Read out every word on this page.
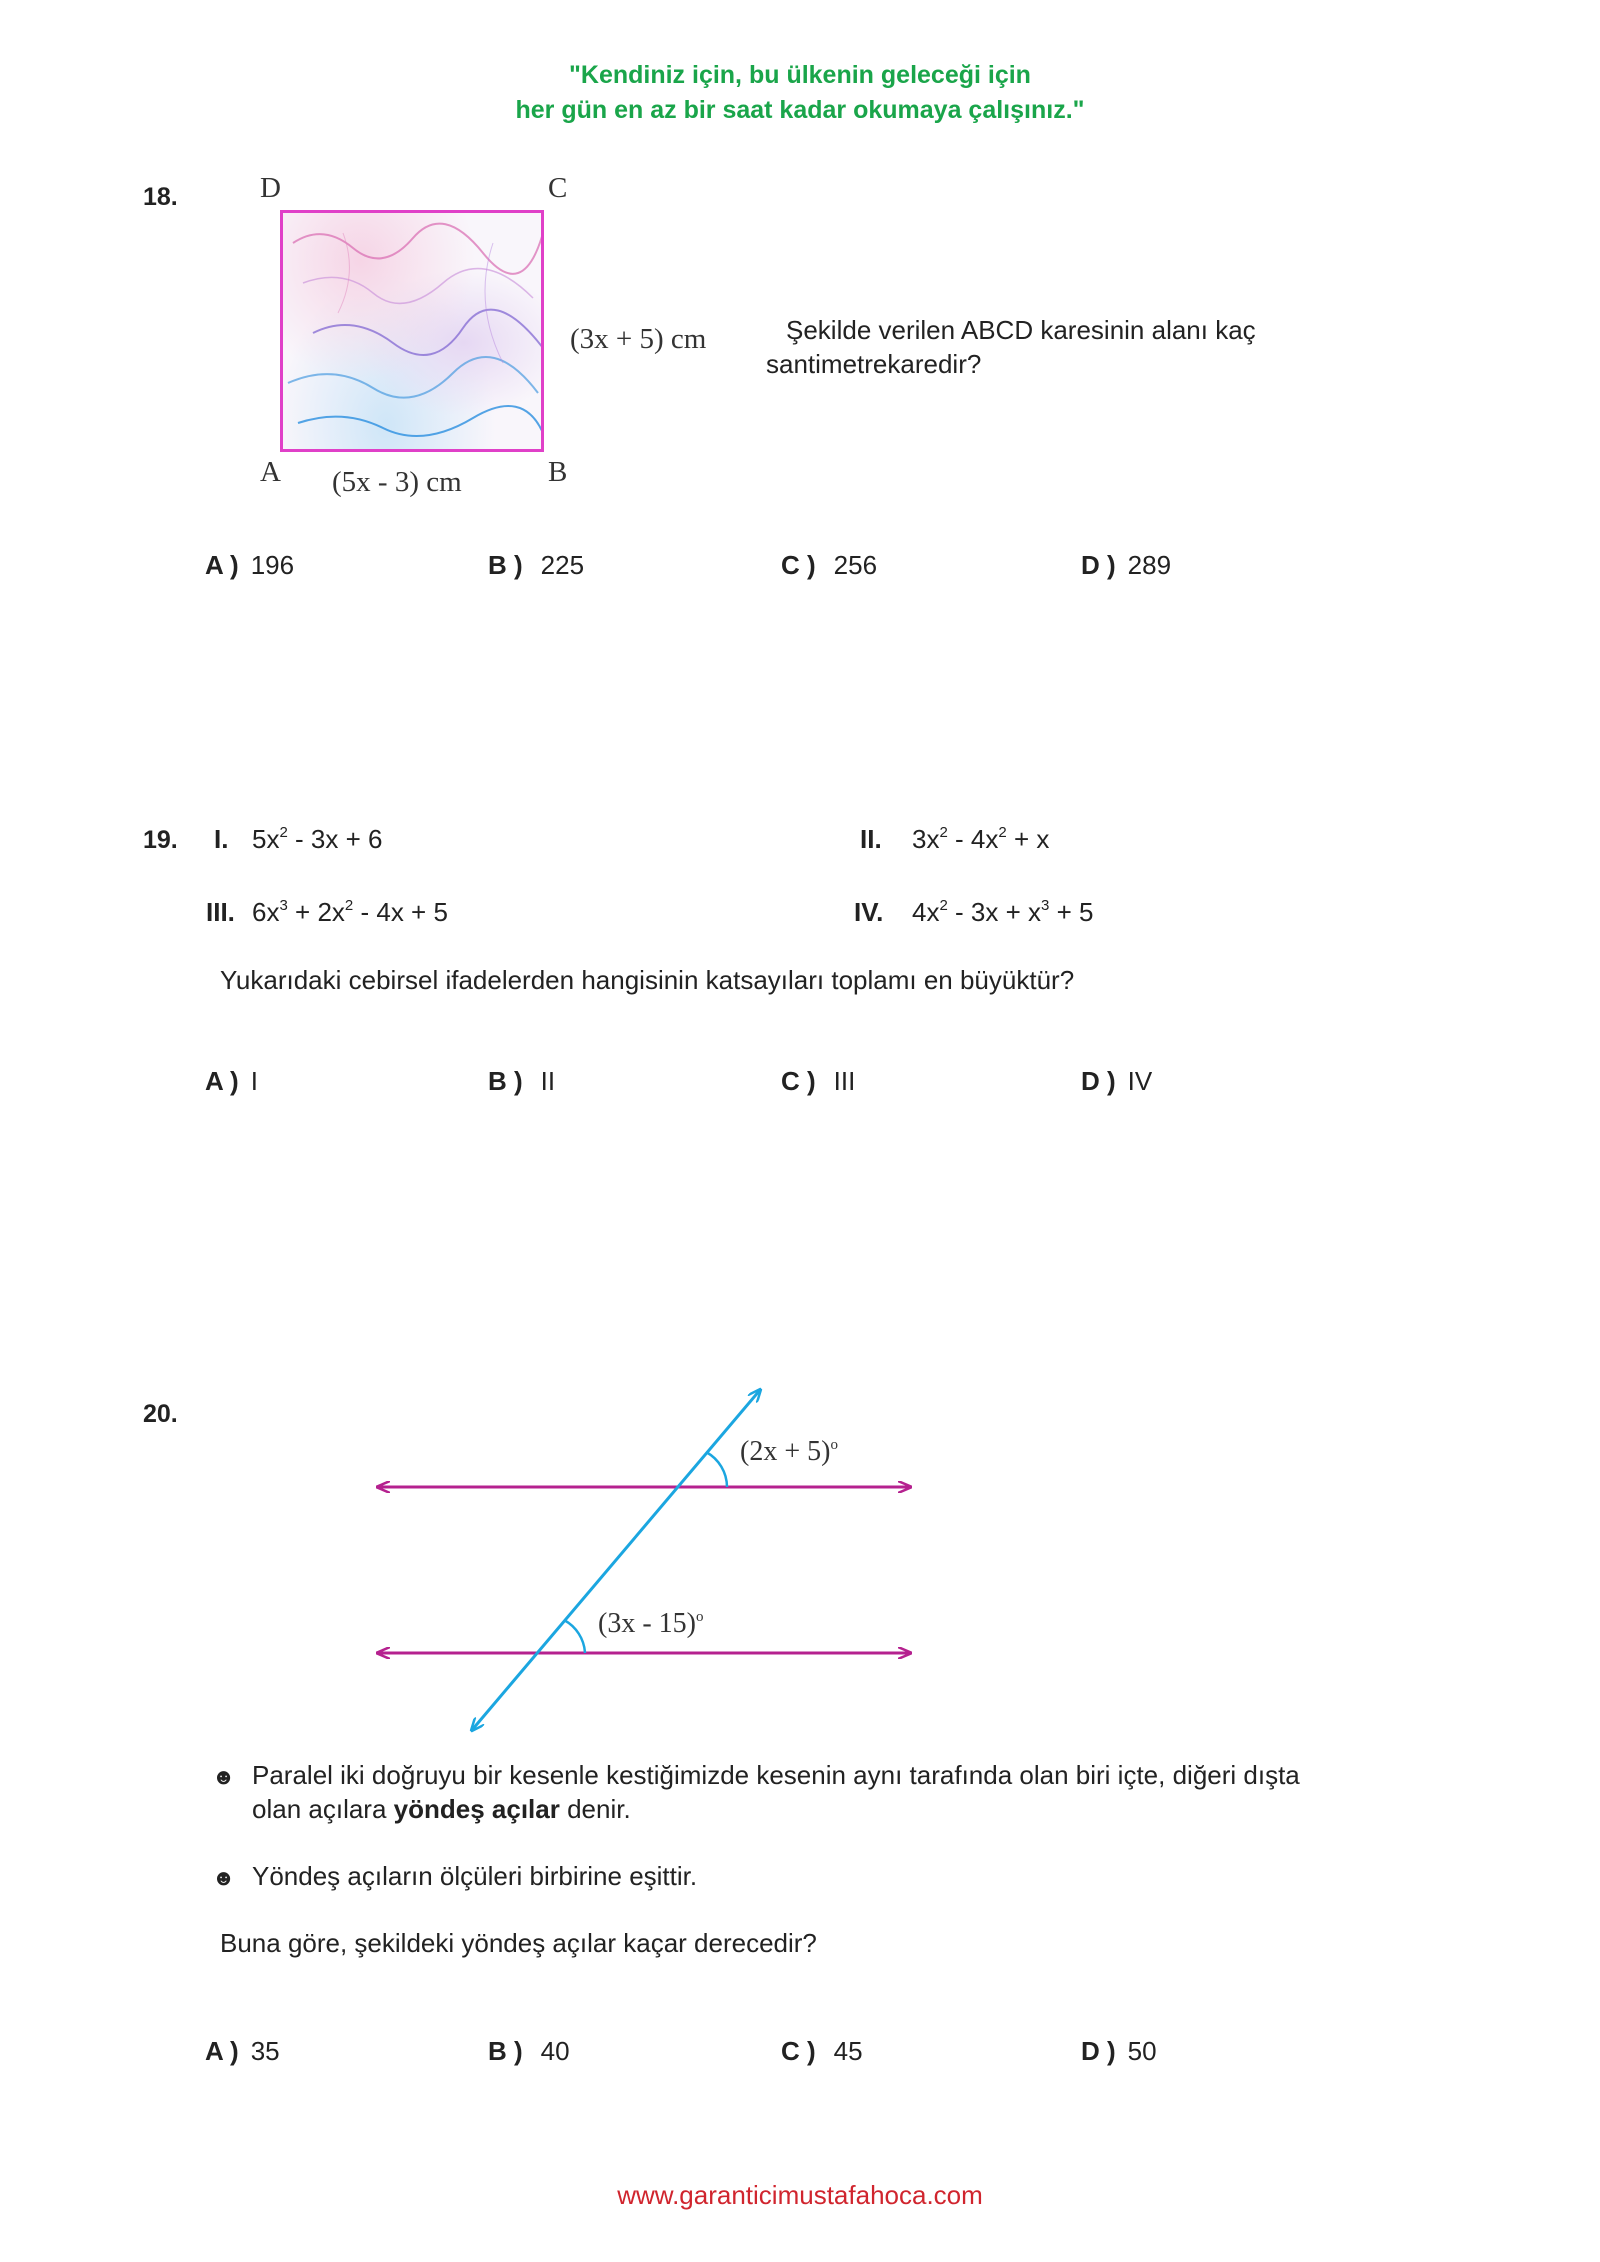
"Kendiniz için, bu ülkenin geleceği için
her gün en az bir saat kadar okumaya çalışınız."
18.	D	C
(3x + 5) cm
A	B
(5x - 3) cm
Şekilde verilen ABCD karesinin alanı kaç
santimetrekaredir?
A ) 196	B ) 225	C ) 256	D ) 289
19. I. $5x^2 - 3x + 6$	II. $3x^2 - 4x^2 + x$
III. $6x^3 + 2x^2 - 4x + 5$	IV. $4x^2 - 3x + x^3 + 5$
Yukarıdaki cebirsel ifadelerden hangisinin katsayıları toplamı en büyüktür?
A ) I	B ) II	C ) III	D ) IV
20.
$(2x + 5)^o$
(3x - 15)$^o$
☻ Paralel iki doğruyu bir kesenle kestiğimizde kesenin aynı tarafında olan biri içte, diğeri dışta
olan açılara yöndeş açılar denir.
☻ Yöndeş açıların ölçüleri birbirine eşittir.
Buna göre, şekildeki yöndeş açılar kaçar derecedir?
A ) 35	B ) 40	C ) 45	D ) 50
www.garanticimustafahoca.com
